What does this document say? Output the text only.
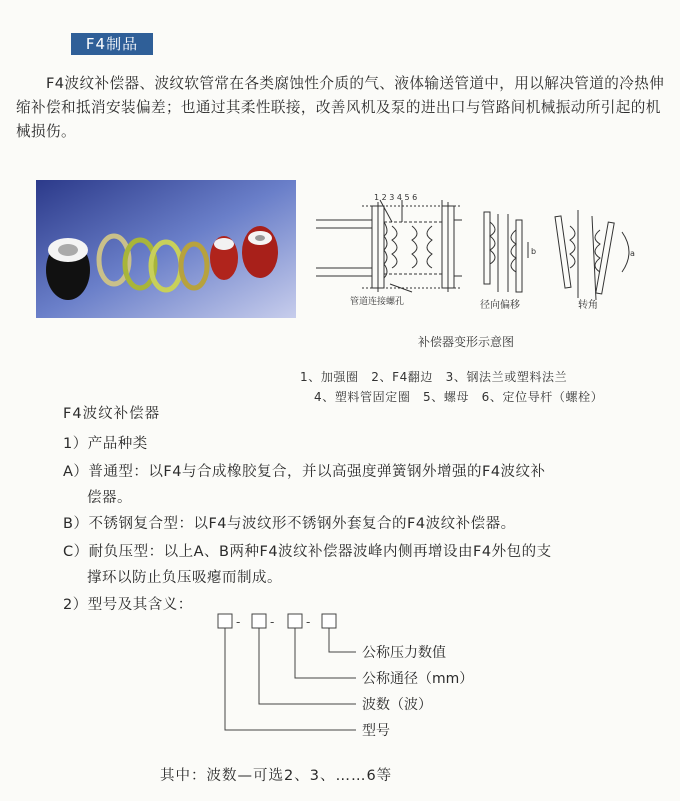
F4制品
F4波纹补偿器、波纹软管常在各类腐蚀性介质的气、液体输送管道中，用以解决管道的冷热伸缩补偿和抵消安装偏差；也通过其柔性联接，改善风机及泵的进出口与管路间机械振动所引起的机械损伤。
1 2 3 4 5 6
管道连接螺孔	径向偏移	转角
b	a
补偿器变形示意图
1、加强圈　2、F4翻边　3、钢法兰或塑料法兰
4、塑料管固定圈　5、螺母　6、定位导杆（螺栓）
F4波纹补偿器
1）产品种类
A）普通型：以F4与合成橡胶复合，并以高强度弹簧钢外增强的F4波纹补
偿器。
B）不锈钢复合型：以F4与波纹形不锈钢外套复合的F4波纹补偿器。
C）耐负压型：以上A、B两种F4波纹补偿器波峰内侧再增设由F4外包的支
撑环以防止负压吸瘪而制成。
2）型号及其含义：
- -	-
公称压力数值
公称通径（mm）
波数（波）
型号
其中：波数—可选2、3、……6等
